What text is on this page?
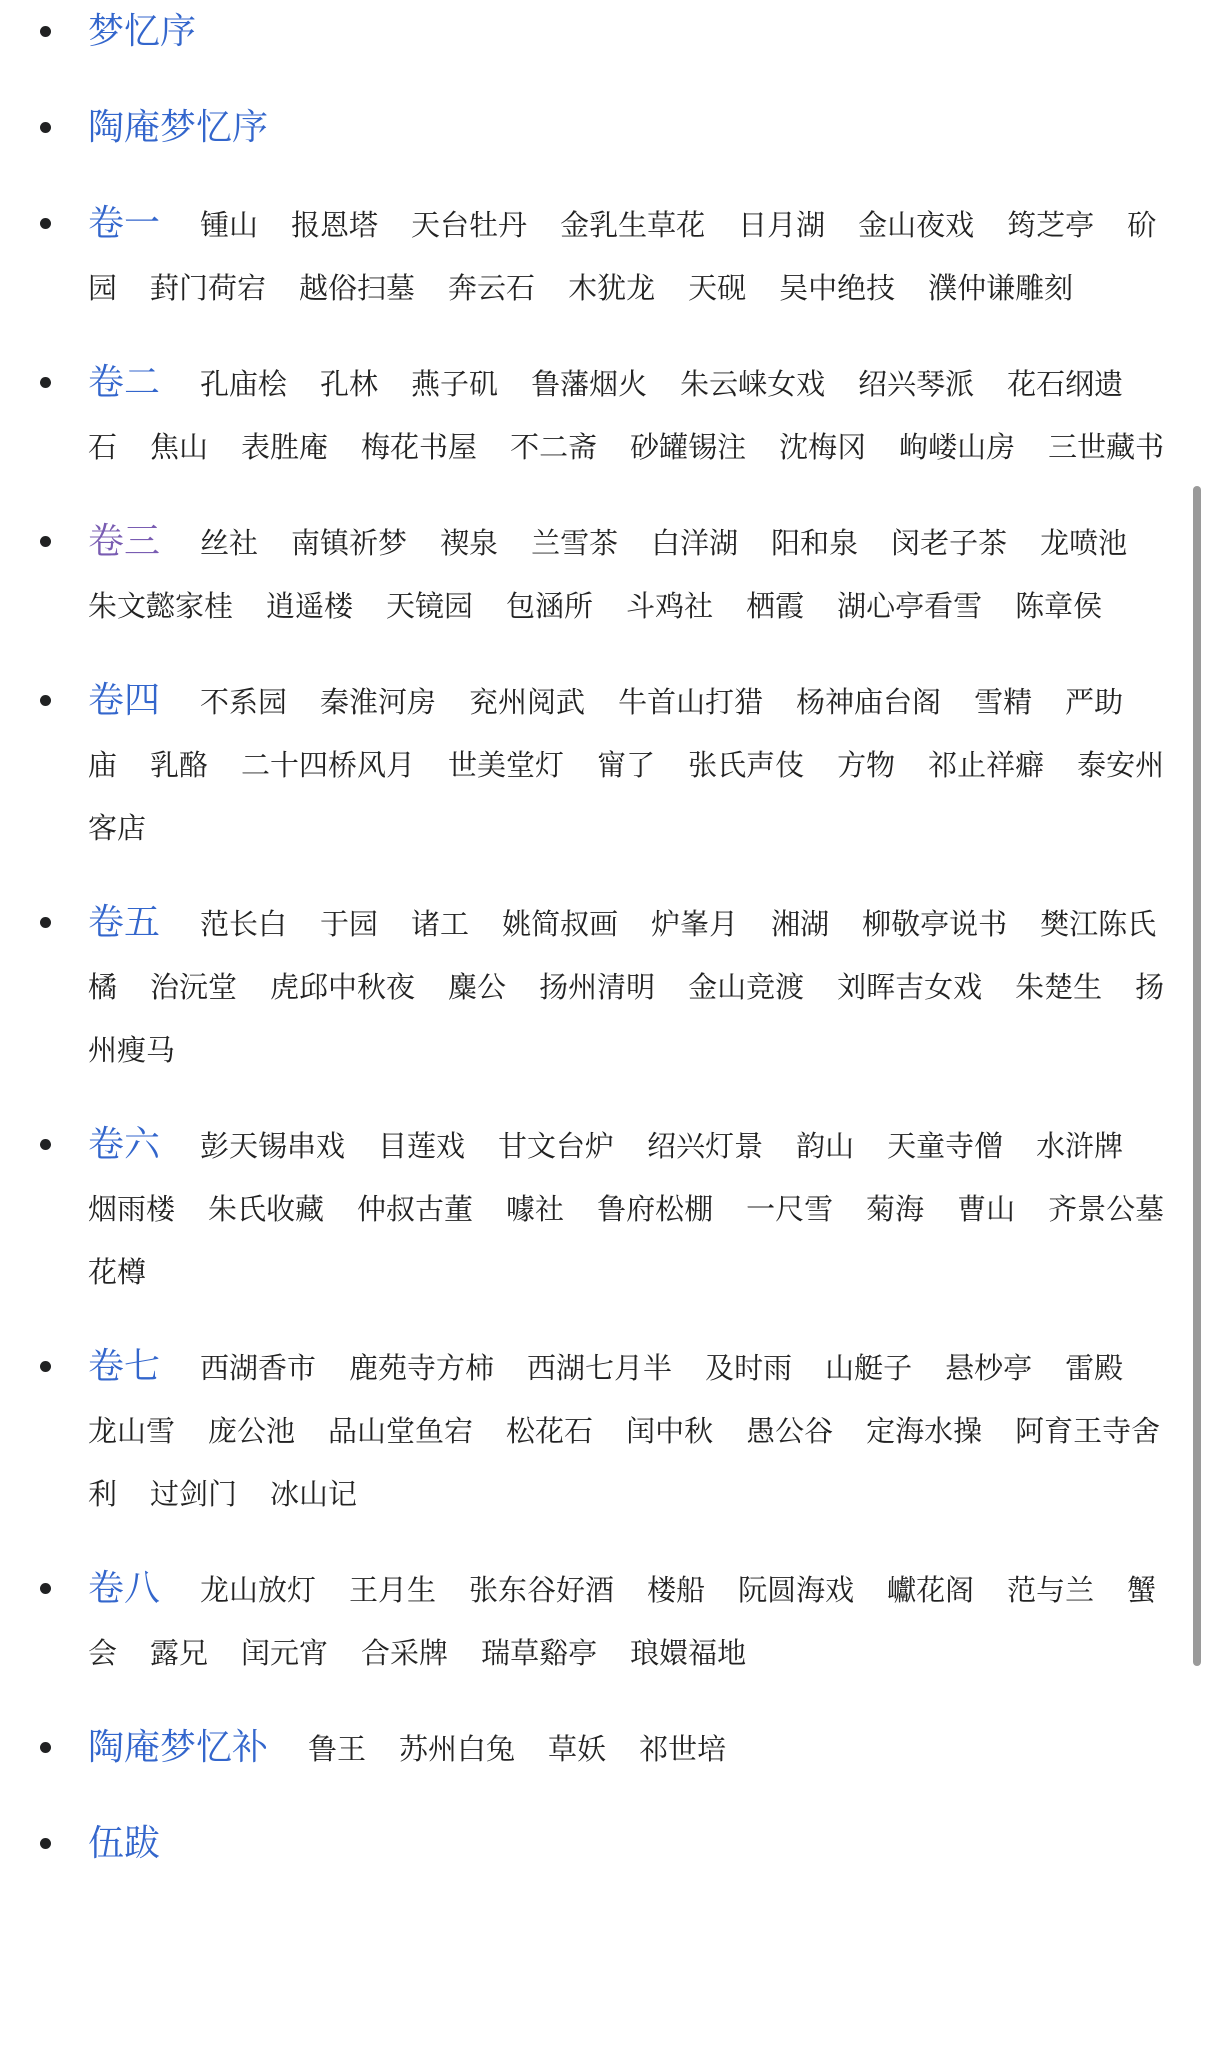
梦忆序
陶庵梦忆序
卷一 锺山 报恩塔 天台牡丹 金乳生草花 日月湖 金山夜戏 筠芝亭 砎园 葑门荷宕 越俗扫墓 奔云石 木犹龙 天砚 吴中绝技 濮仲谦雕刻
卷二 孔庙桧 孔林 燕子矶 鲁藩烟火 朱云崃女戏 绍兴琴派 花石纲遗石 焦山 表胜庵 梅花书屋 不二斋 砂罐锡注 沈梅冈 岣嵝山房 三世藏书
卷三 丝社 南镇祈梦 禊泉 兰雪茶 白洋湖 阳和泉 闵老子茶 龙喷池朱文懿家桂 逍遥楼 天镜园 包涵所 斗鸡社 栖霞 湖心亭看雪 陈章侯
卷四 不系园 秦淮河房 兖州阅武 牛首山打猎 杨神庙台阁 雪精 严助庙 乳酪 二十四桥风月 世美堂灯 甯了 张氏声伎 方物 祁止祥癖 泰安州客店
卷五 范长白 于园 诸工 姚简叔画 炉峯月 湘湖 柳敬亭说书 樊江陈氏橘 治沅堂 虎邱中秋夜 麋公 扬州清明 金山竞渡 刘晖吉女戏 朱楚生 扬州瘦马
卷六 彭天锡串戏 目莲戏 甘文台炉 绍兴灯景 韵山 天童寺僧 水浒牌烟雨楼 朱氏收藏 仲叔古董 噱社 鲁府松棚 一尺雪 菊海 曹山 齐景公墓花樽
卷七 西湖香市 鹿苑寺方柿 西湖七月半 及时雨 山艇子 悬杪亭 雷殿龙山雪 庞公池 品山堂鱼宕 松花石 闰中秋 愚公谷 定海水操 阿育王寺舍利 过剑门 冰山记
卷八 龙山放灯 王月生 张东谷好酒 楼船 阮圆海戏 巘花阁 范与兰 蟹会 露兄 闰元宵 合采牌 瑞草谿亭 琅嬛福地
陶庵梦忆补 鲁王 苏州白兔 草妖 祁世培
伍跋
